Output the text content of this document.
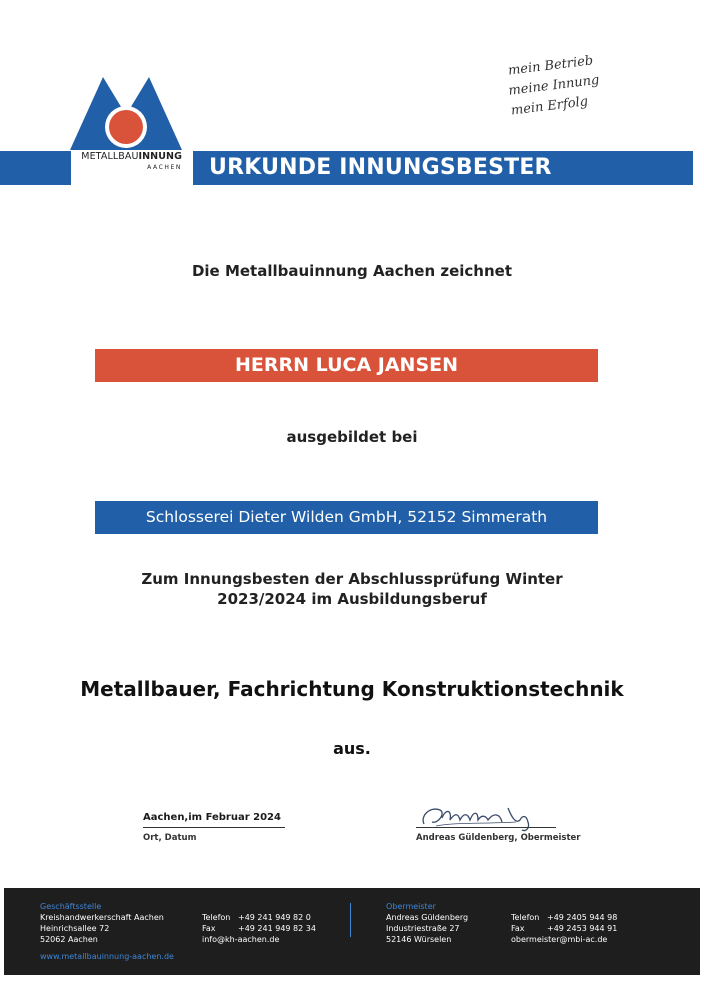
METALLBAUINNUNG
AACHEN
mein Betrieb
meine Innung
mein Erfolg
URKUNDE INNUNGSBESTER
Die Metallbauinnung Aachen zeichnet
HERRN LUCA JANSEN
ausgebildet bei
Schlosserei Dieter Wilden GmbH, 52152 Simmerath
Zum Innungsbesten der Abschlussprüfung Winter
2023/2024 im Ausbildungsberuf
Metallbauer, Fachrichtung Konstruktionstechnik
aus.
Aachen,im Februar 2024
Ort, Datum	Andreas Güldenberg, Obermeister
Geschäftsstelle
Kreishandwerkerschaft Aachen
Heinrichsallee 72
52062 Aachen
www.metallbauinnung-aachen.de
Telefon +49 241 949 82 0
Fax	+49 241 949 82 34
info@kh-aachen.de
Obermeister
Andreas Güldenberg
Industriestraße 27
52146 Würselen
Telefon +49 2405 944 98
Fax	+49 2453 944 91
obermeister@mbi-ac.de
